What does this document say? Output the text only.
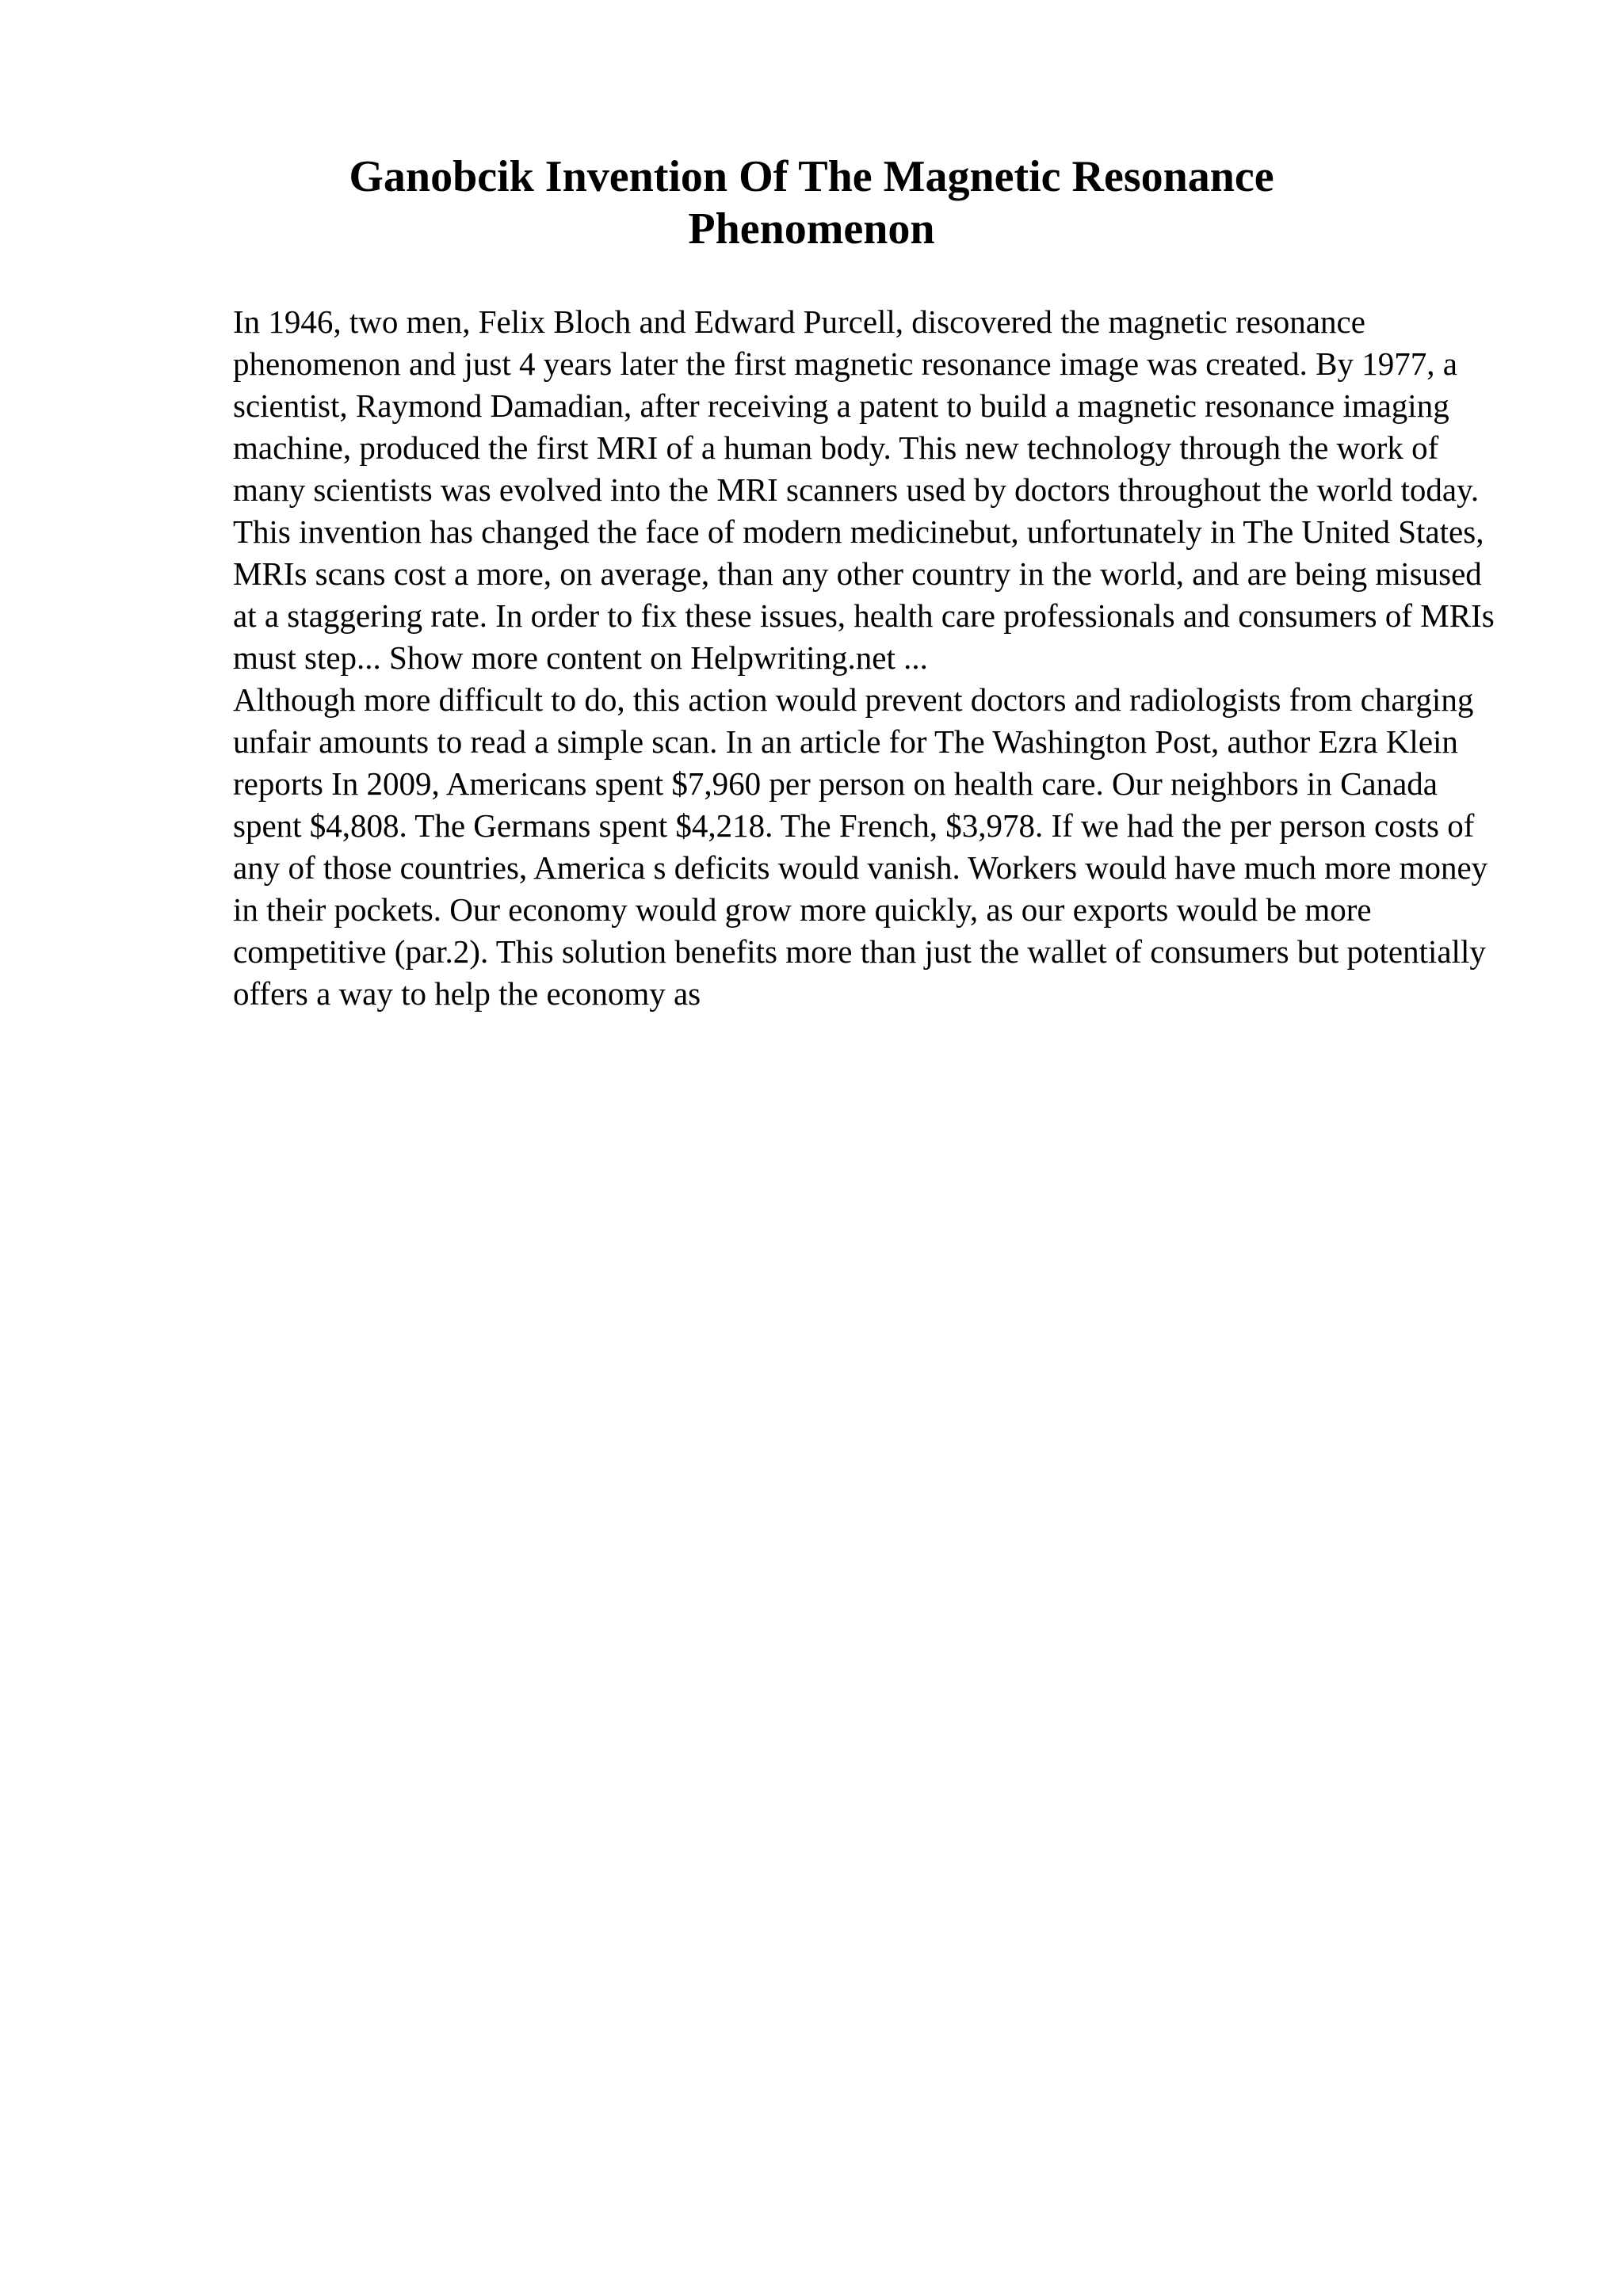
Ganobcik Invention Of The Magnetic Resonance Phenomenon

In 1946, two men, Felix Bloch and Edward Purcell, discovered the magnetic resonance phenomenon and just 4 years later the first magnetic resonance image was created. By 1977, a scientist, Raymond Damadian, after receiving a patent to build a magnetic resonance imaging machine, produced the first MRI of a human body. This new technology through the work of many scientists was evolved into the MRI scanners used by doctors throughout the world today. This invention has changed the face of modern medicinebut, unfortunately in The United States, MRIs scans cost a more, on average, than any other country in the world, and are being misused at a staggering rate. In order to fix these issues, health care professionals and consumers of MRIs must step... Show more content on Helpwriting.net ...

Although more difficult to do, this action would prevent doctors and radiologists from charging unfair amounts to read a simple scan. In an article for The Washington Post, author Ezra Klein reports In 2009, Americans spent $7,960 per person on health care. Our neighbors in Canada spent $4,808. The Germans spent $4,218. The French, $3,978. If we had the per person costs of any of those countries, America s deficits would vanish. Workers would have much more money in their pockets. Our economy would grow more quickly, as our exports would be more competitive (par.2). This solution benefits more than just the wallet of consumers but potentially offers a way to help the economy as
